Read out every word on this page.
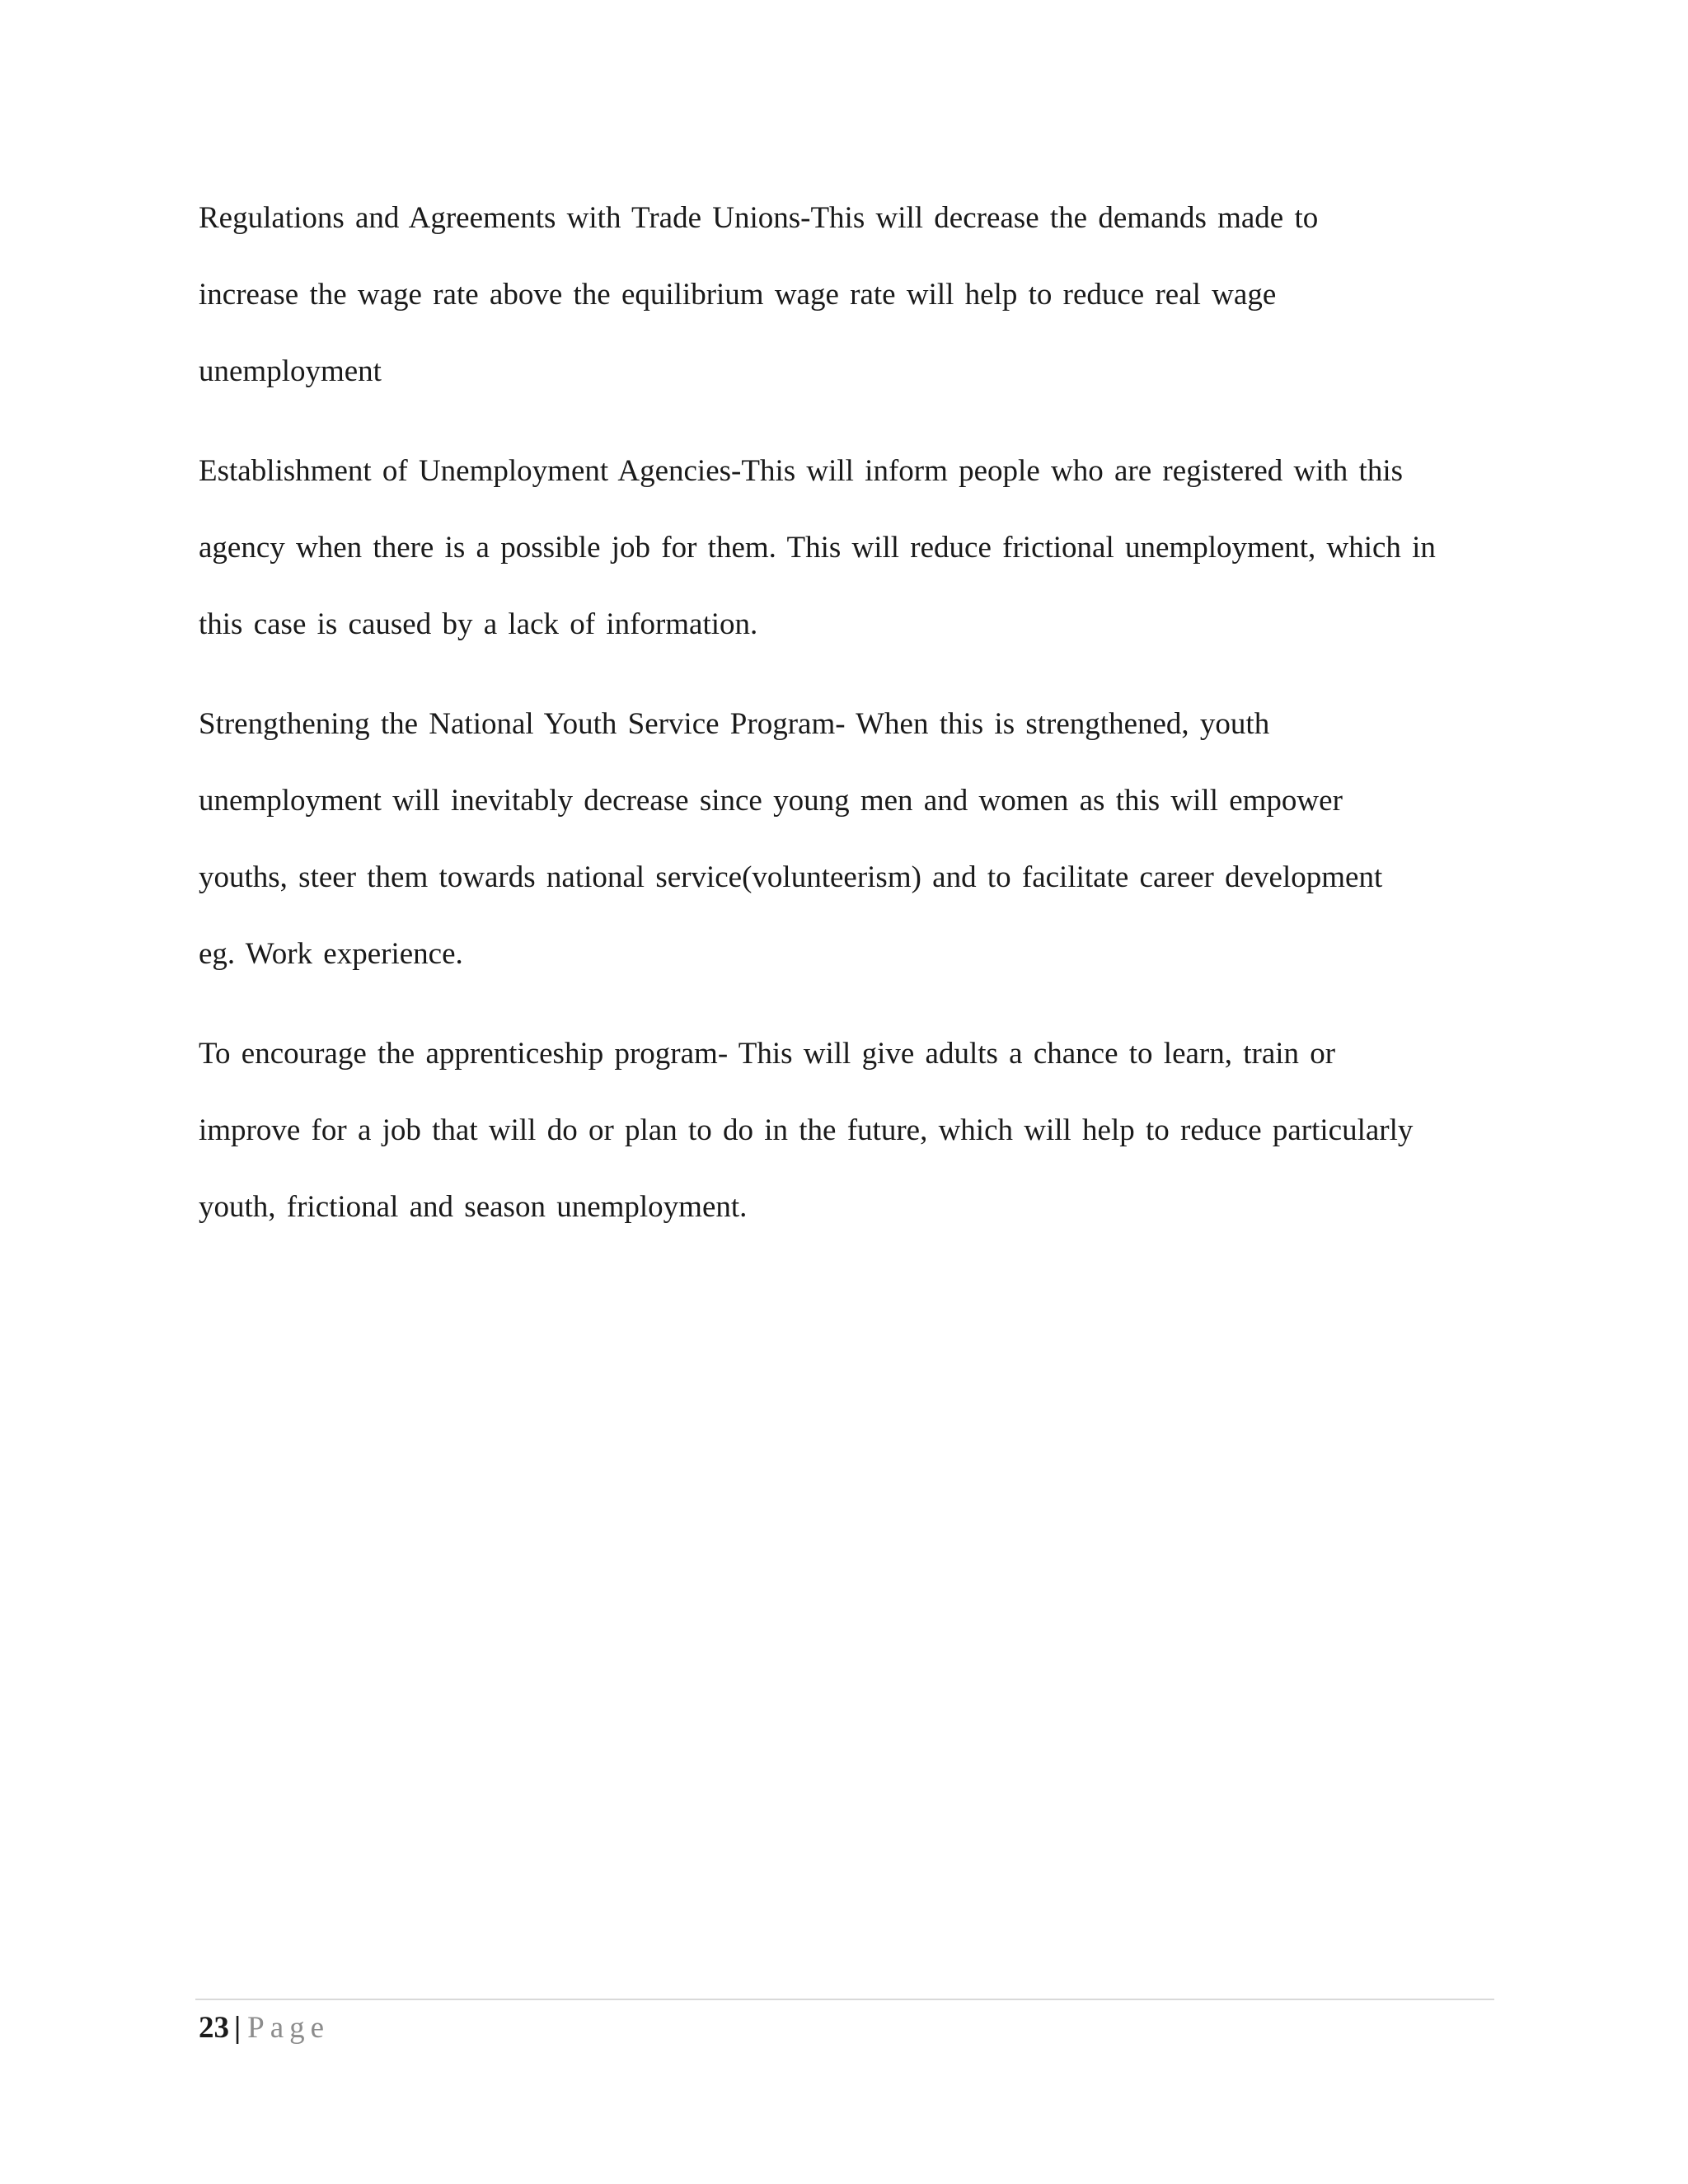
Regulations and Agreements with Trade Unions-This will decrease the demands made to
increase the wage rate above the equilibrium wage rate will help to reduce real wage
unemployment

Establishment of Unemployment Agencies-This will inform people who are registered with this
agency when there is a possible job for them. This will reduce frictional unemployment, which in
this case is caused by a lack of information.

Strengthening the National Youth Service Program- When this is strengthened, youth
unemployment will inevitably decrease since young men and women as this will empower
youths, steer them towards national service(volunteerism) and to facilitate career development
eg. Work experience.

To encourage the apprenticeship program- This will give adults a chance to learn, train or
improve for a job that will do or plan to do in the future, which will help to reduce particularly
youth, frictional and season unemployment.

23 | Page
